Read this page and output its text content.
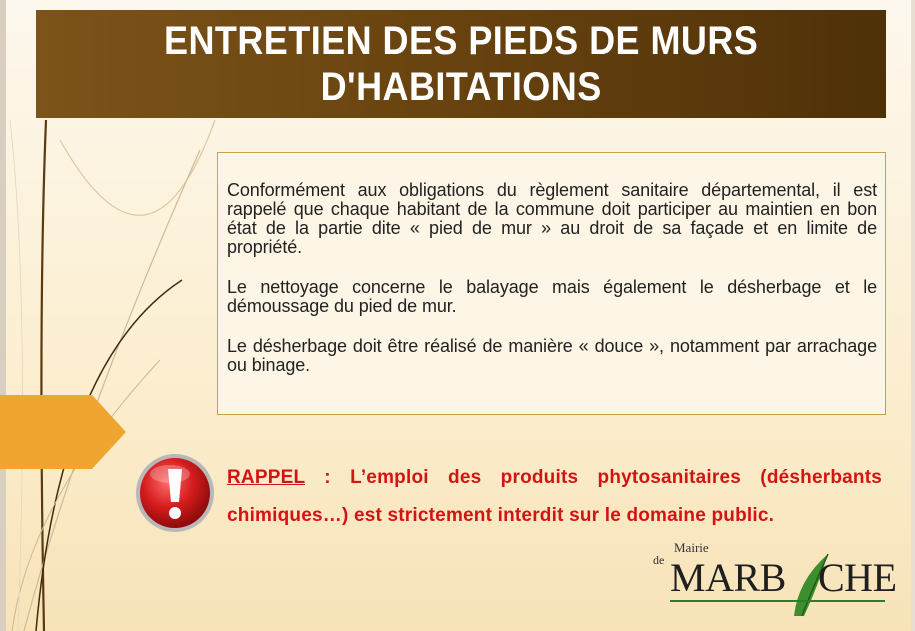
ENTRETIEN DES PIEDS DE MURS
D'HABITATIONS

Conformément aux obligations du règlement sanitaire départemental, il est rappelé que chaque habitant de la commune doit participer au maintien en bon état de la partie dite « pied de mur » au droit de sa façade et en limite de propriété.

Le nettoyage concerne le balayage mais également le désherbage et le démoussage du pied de mur.

Le désherbage doit être réalisé de manière « douce », notamment par arrachage ou binage.

RAPPEL : L’emploi des produits phytosanitaires (désherbants chimiques…) est strictement interdit sur le domaine public.
Mairie
de MARB CHE
